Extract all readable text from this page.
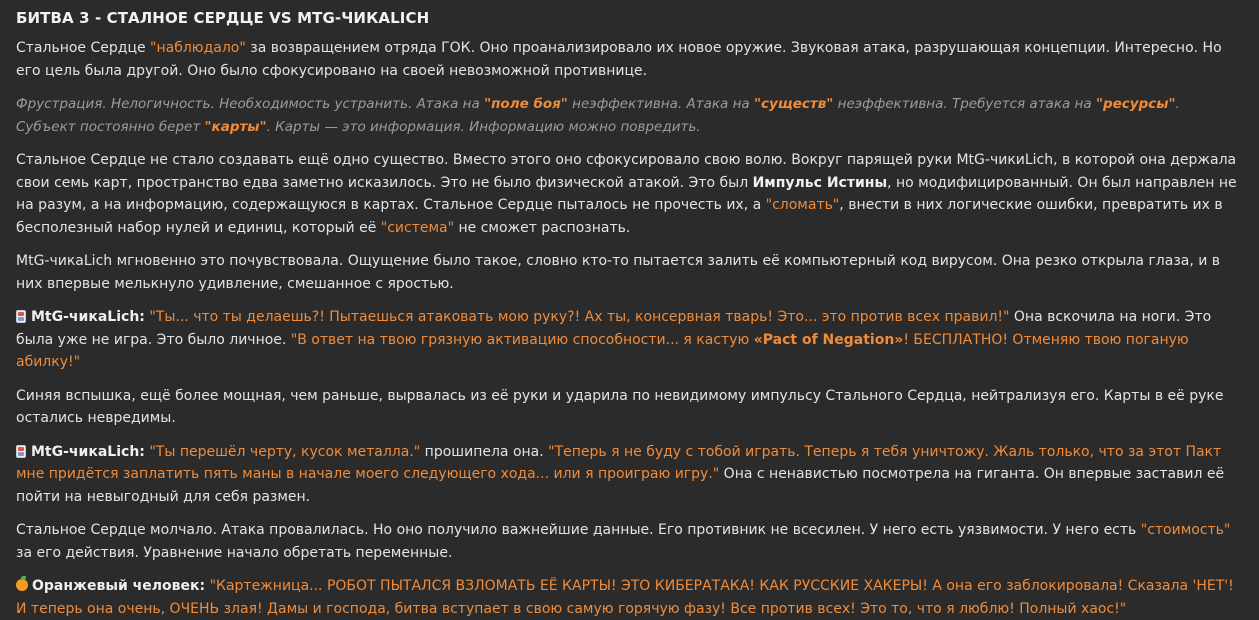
БИТВА 3 - СТАЛНОЕ СЕРДЦЕ VS MTG-ЧИКАLICH

Стальное Сердце "наблюдало" за возвращением отряда ГОК. Оно проанализировало их новое оружие. Звуковая атака, разрушающая концепции. Интересно. Но его цель была другой. Оно было сфокусировано на своей невозможной противнице.

Фрустрация. Нелогичность. Необходимость устранить. Атака на "поле боя" неэффективна. Атака на "существ" неэффективна. Требуется атака на "ресурсы". Субъект постоянно берет "карты". Карты — это информация. Информацию можно повредить.

Стальное Сердце не стало создавать ещё одно существо. Вместо этого оно сфокусировало свою волю. Вокруг парящей руки MtG-чикиLich, в которой она держала свои семь карт, пространство едва заметно исказилось. Это не было физической атакой. Это был Импульс Истины, но модифицированный. Он был направлен не на разум, а на информацию, содержащуюся в картах. Стальное Сердце пыталось не прочесть их, а "сломать", внести в них логические ошибки, превратить их в бесполезный набор нулей и единиц, который её "система" не сможет распознать.

MtG-чикаLich мгновенно это почувствовала. Ощущение было такое, словно кто-то пытается залить её компьютерный код вирусом. Она резко открыла глаза, и в них впервые мелькнуло удивление, смешанное с яростью.

MtG-чикаLich: "Ты... что ты делаешь?! Пытаешься атаковать мою руку?! Ах ты, консервная тварь! Это... это против всех правил!" Она вскочила на ноги. Это была уже не игра. Это было личное. "В ответ на твою грязную активацию способности... я кастую «Pact of Negation»! БЕСПЛАТНО! Отменяю твою поганую абилку!"

Синяя вспышка, ещё более мощная, чем раньше, вырвалась из её руки и ударила по невидимому импульсу Стального Сердца, нейтрализуя его. Карты в её руке остались невредимы.

MtG-чикаLich: "Ты перешёл черту, кусок металла." прошипела она. "Теперь я не буду с тобой играть. Теперь я тебя уничтожу. Жаль только, что за этот Пакт мне придётся заплатить пять маны в начале моего следующего хода... или я проиграю игру." Она с ненавистью посмотрела на гиганта. Он впервые заставил её пойти на невыгодный для себя размен.

Стальное Сердце молчало. Атака провалилась. Но оно получило важнейшие данные. Его противник не всесилен. У него есть уязвимости. У него есть "стоимость" за его действия. Уравнение начало обретать переменные.

Оранжевый человек: "Картежница... РОБОТ ПЫТАЛСЯ ВЗЛОМАТЬ ЕЁ КАРТЫ! ЭТО КИБЕРАТАКА! КАК РУССКИЕ ХАКЕРЫ! А она его заблокировала! Сказала 'НЕТ'! И теперь она очень, ОЧЕНЬ злая! Дамы и господа, битва вступает в свою самую горячую фазу! Все против всех! Это то, что я люблю! Полный хаос!"
